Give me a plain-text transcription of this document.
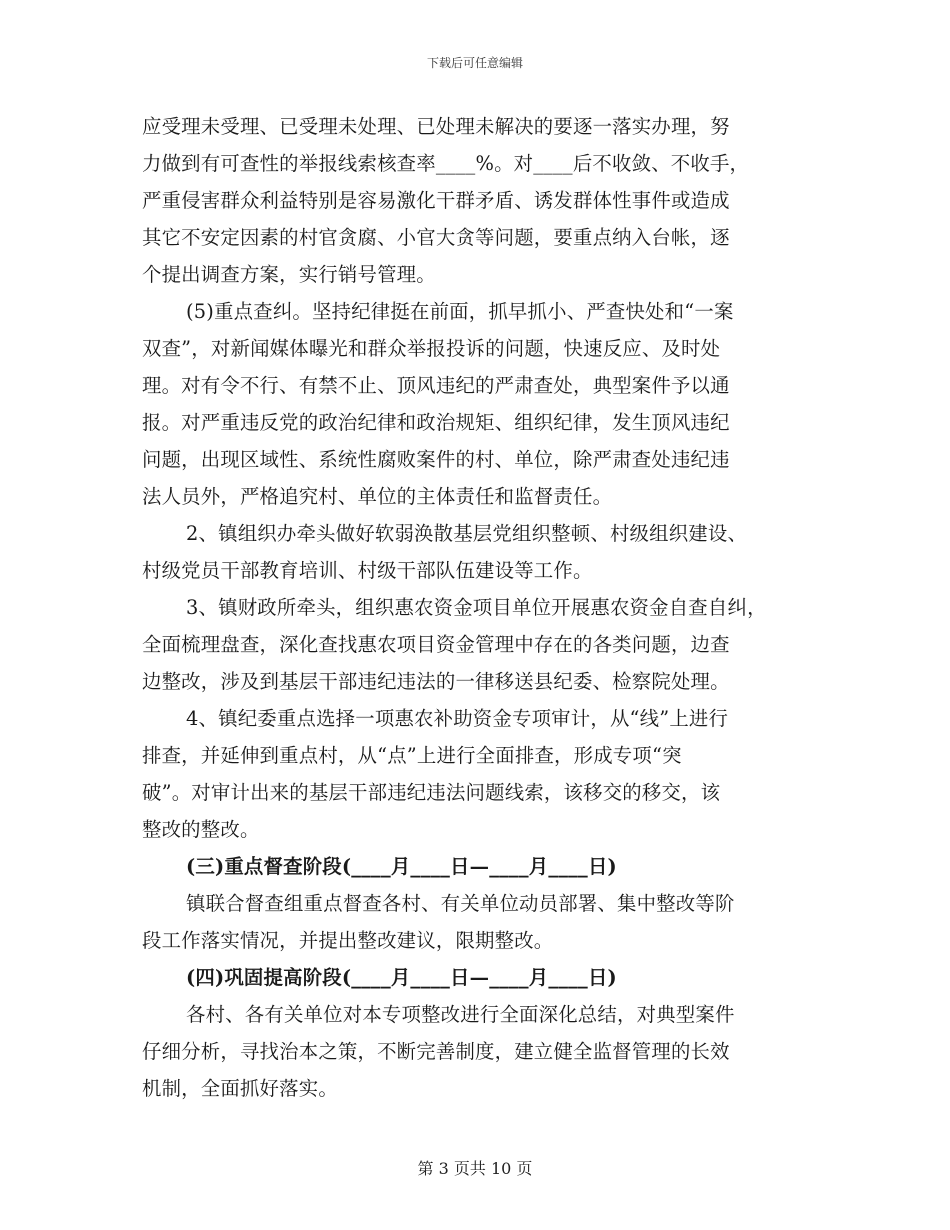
下载后可任意编辑
应受理未受理、已受理未处理、已处理未解决的要逐一落实办理，努
力做到有可查性的举报线索核查率____%。对____后不收敛、不收手，
严重侵害群众利益特别是容易激化干群矛盾、诱发群体性事件或造成
其它不安定因素的村官贪腐、小官大贪等问题，要重点纳入台帐，逐
个提出调查方案，实行销号管理。
(5)重点查纠。坚持纪律挺在前面，抓早抓小、严查快处和“一案
双查”，对新闻媒体曝光和群众举报投诉的问题，快速反应、及时处
理。对有令不行、有禁不止、顶风违纪的严肃查处，典型案件予以通
报。对严重违反党的政治纪律和政治规矩、组织纪律，发生顶风违纪
问题，出现区域性、系统性腐败案件的村、单位，除严肃查处违纪违
法人员外，严格追究村、单位的主体责任和监督责任。
2、镇组织办牵头做好软弱涣散基层党组织整顿、村级组织建设、
村级党员干部教育培训、村级干部队伍建设等工作。
3、镇财政所牵头，组织惠农资金项目单位开展惠农资金自查自纠，
全面梳理盘查，深化查找惠农项目资金管理中存在的各类问题，边查
边整改，涉及到基层干部违纪违法的一律移送县纪委、检察院处理。
4、镇纪委重点选择一项惠农补助资金专项审计，从“线”上进行
排查，并延伸到重点村，从“点”上进行全面排查，形成专项“突
破”。对审计出来的基层干部违纪违法问题线索，该移交的移交，该
整改的整改。
(三)重点督查阶段(____月____日—____月____日)
镇联合督查组重点督查各村、有关单位动员部署、集中整改等阶
段工作落实情况，并提出整改建议，限期整改。
(四)巩固提高阶段(____月____日—____月____日)
各村、各有关单位对本专项整改进行全面深化总结，对典型案件
仔细分析，寻找治本之策，不断完善制度，建立健全监督管理的长效
机制，全面抓好落实。
第 3 页共 10 页
